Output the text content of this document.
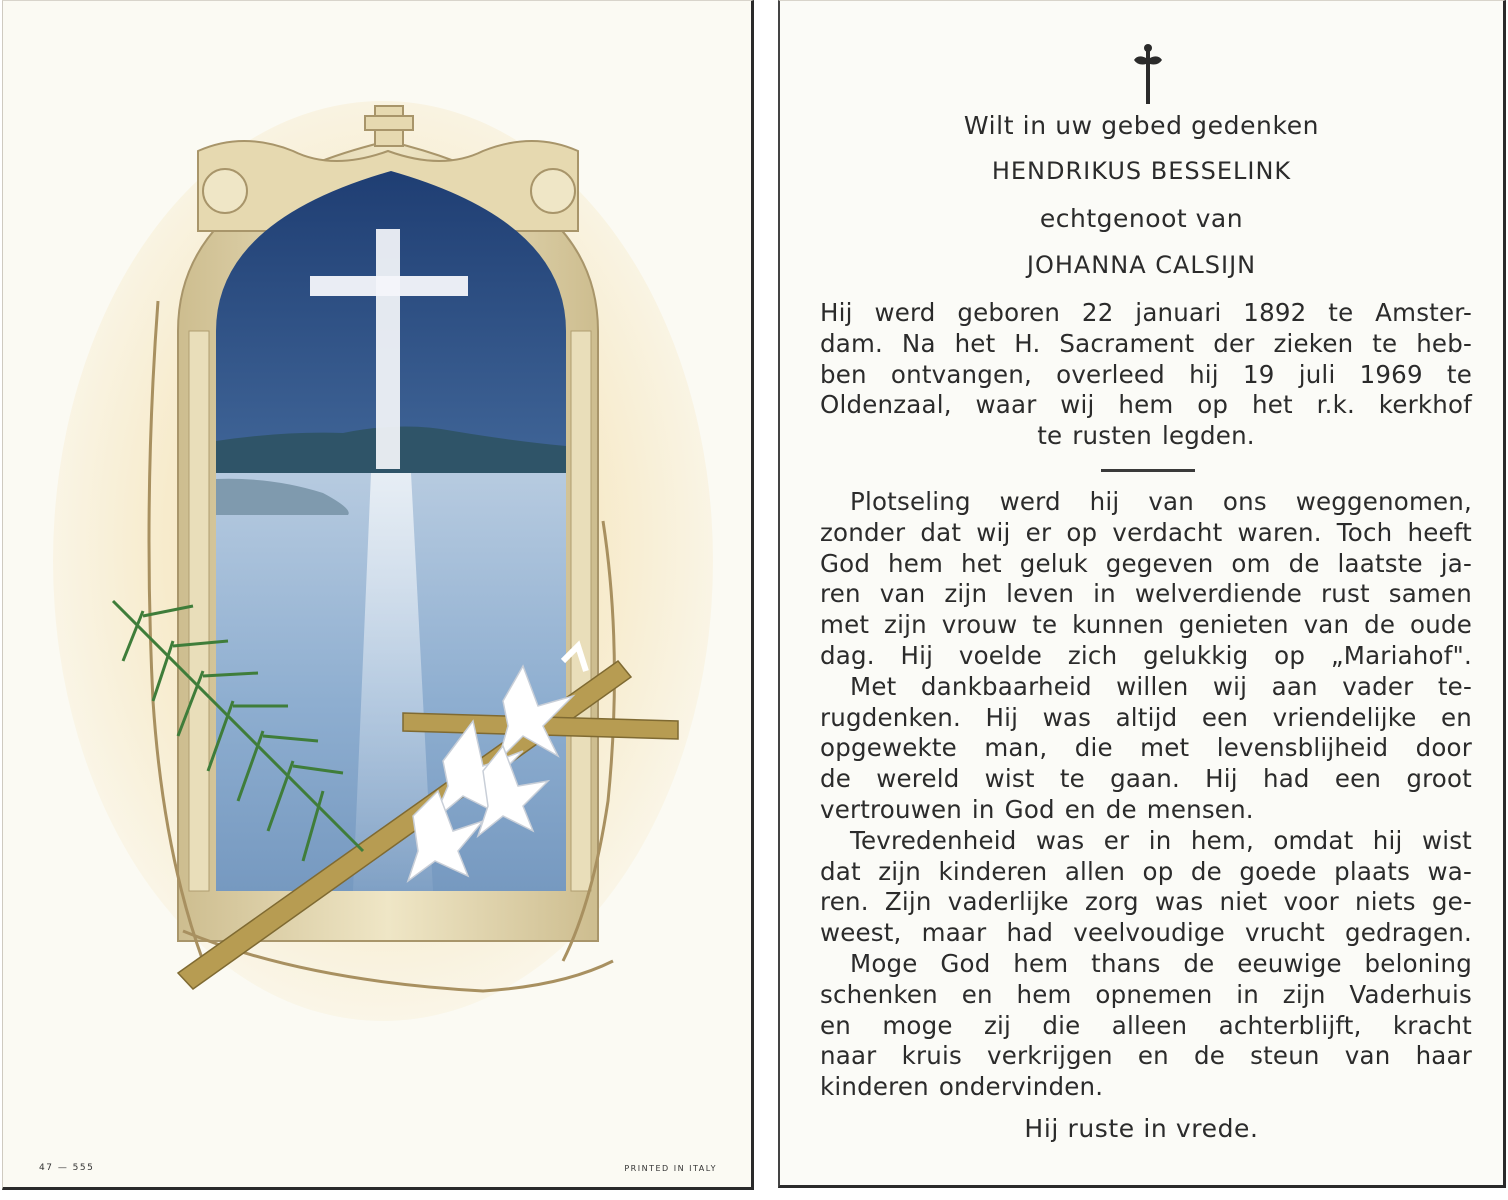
47 — 555	PRINTED IN ITALY
Wilt in uw gebed gedenken
HENDRIKUS BESSELINK
echtgenoot van
JOHANNA CALSIJN
Hij werd geboren 22 januari 1892 te Amster-
dam. Na het H. Sacrament der zieken te heb-
ben ontvangen, overleed hij 19 juli 1969 te
Oldenzaal, waar wij hem op het r.k. kerkhof
te rusten legden.
Plotseling werd hij van ons weggenomen,
zonder dat wij er op verdacht waren. Toch heeft
God hem het geluk gegeven om de laatste ja-
ren van zijn leven in welverdiende rust samen
met zijn vrouw te kunnen genieten van de oude
dag. Hij voelde zich gelukkig op „Mariahof".
Met dankbaarheid willen wij aan vader te-
rugdenken. Hij was altijd een vriendelijke en
opgewekte man, die met levensblijheid door
de wereld wist te gaan. Hij had een groot
vertrouwen in God en de mensen.
Tevredenheid was er in hem, omdat hij wist
dat zijn kinderen allen op de goede plaats wa-
ren. Zijn vaderlijke zorg was niet voor niets ge-
weest, maar had veelvoudige vrucht gedragen.
Moge God hem thans de eeuwige beloning
schenken en hem opnemen in zijn Vaderhuis
en moge zij die alleen achterblijft, kracht
naar kruis verkrijgen en de steun van haar
kinderen ondervinden.
Hij ruste in vrede.
